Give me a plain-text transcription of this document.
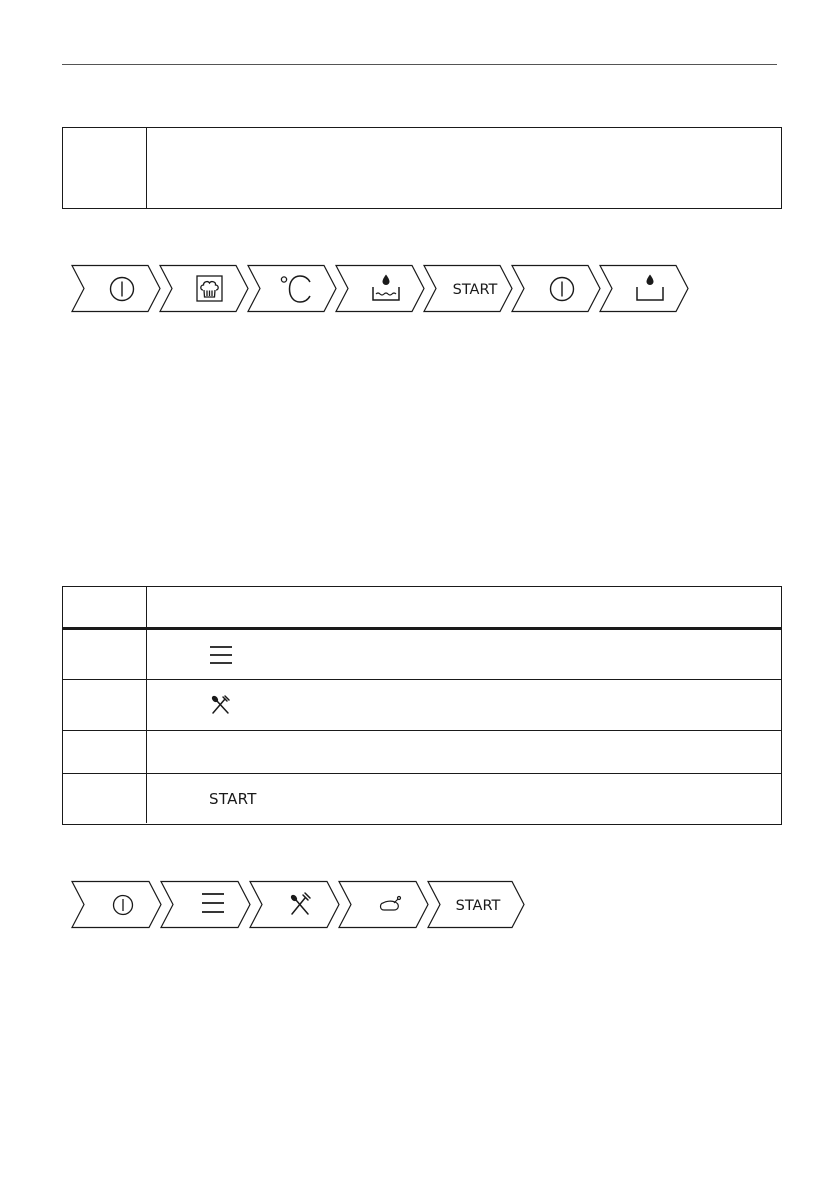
START
START
START
